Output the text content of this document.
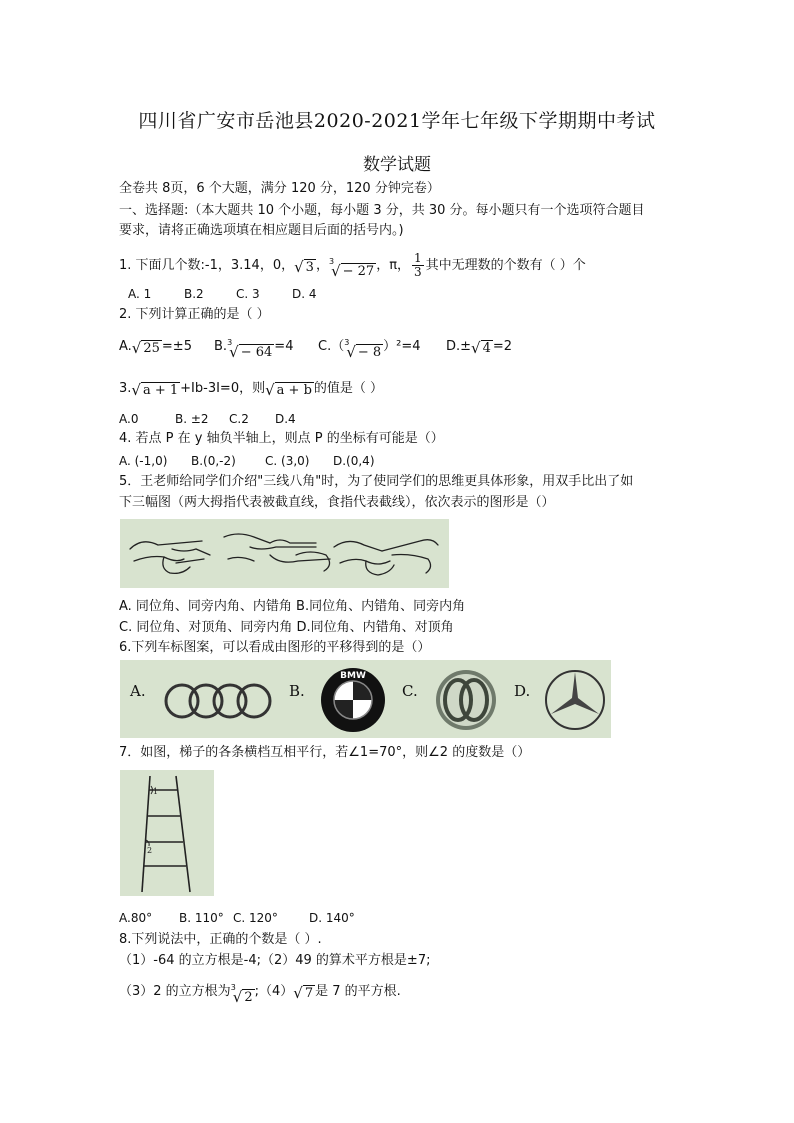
四川省广安市岳池县2020-2021学年七年级下学期期中考试
数学试题
全卷共 8页，6 个大题，满分 120 分，120 分钟完卷）
一、选择题:（本大题共 10 个小题，每小题 3 分，共 30 分。每小题只有一个选项符合题目
要求，请将正确选项填在相应题目后面的括号内。)
1. 下面几个数:-1，3.14，0， √ 3 ， 3
√ − 27 ，π， $\frac{1}{3}$ 其中无理数的个数有（ ）个
A. 1	B.2	C. 3	D. 4
2. 下列计算正确的是（ ）
A. √ 25 =±5 B. 3
√ − 64 =4 C.（ 3
√ − 8 ）²=4 D.± √ 4 =2
3. √ a + 1 +Ib-3I=0，则 √ a + b 的值是（ ）
A.0	B. ±2 C.2 D.4
4. 若点 P 在 y 轴负半轴上，则点 P 的坐标有可能是（）
A. (-1,0) B.(0,-2) C. (3,0) D.(0,4)
5．王老师给同学们介绍"三线八角"时，为了使同学们的思维更具体形象，用双手比出了如
下三幅图（两大拇指代表被截直线，食指代表截线），依次表示的图形是（）
A. 同位角、同旁内角、内错角 B.同位角、内错角、同旁内角
C. 同位角、对顶角、同旁内角 D.同位角、内错角、对顶角
6.下列车标图案，可以看成由图形的平移得到的是（）
A.	B.	C.	D.
BMW
7．如图，梯子的各条横档互相平行，若∠1=70°，则∠2 的度数是（）
1
2
A.80° B. 110° C. 120°	D. 140°
8.下列说法中，正确的个数是（ ）.
（1）-64 的立方根是-4;（2）49 的算术平方根是±7;
（3）2 的立方根为 3
√ 2 ;（4） √ 7 是 7 的平方根.
